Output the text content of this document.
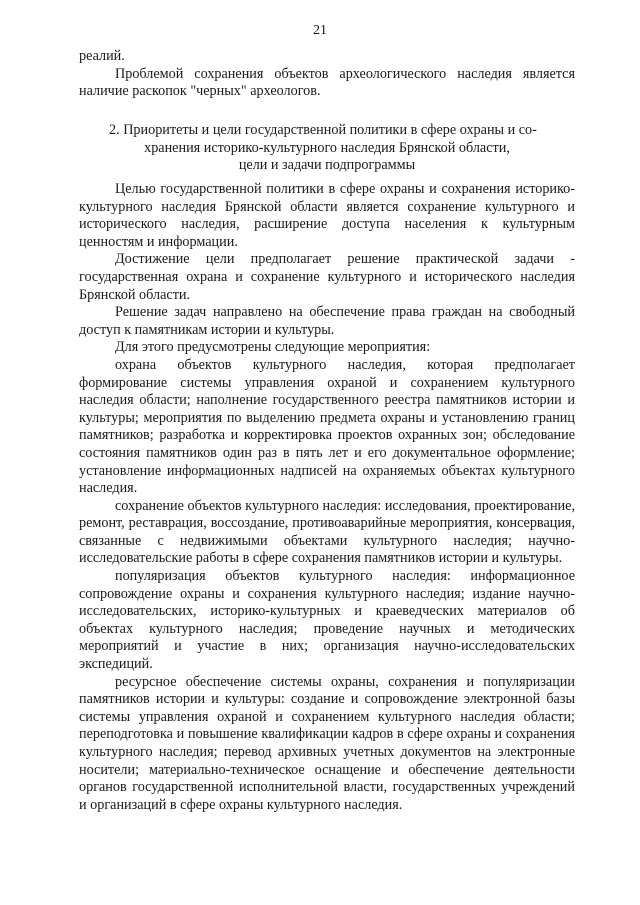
21

реалий.

Проблемой сохранения объектов археологического наследия является наличие раскопок "черных" археологов.

2. Приоритеты и цели государственной политики в сфере охраны и со-
хранения историко-культурного наследия Брянской области,
цели и задачи подпрограммы

Целью государственной политики в сфере охраны и сохранения историко-культурного наследия Брянской области является сохранение культурного и исторического наследия, расширение доступа населения к культурным ценностям и информации.

Достижение цели предполагает решение практической задачи - государственная охрана и сохранение культурного и исторического наследия Брянской области.

Решение задач направлено на обеспечение права граждан на свободный доступ к памятникам истории и культуры.

Для этого предусмотрены следующие мероприятия:

охрана объектов культурного наследия, которая предполагает формирование системы управления охраной и сохранением культурного наследия области; наполнение государственного реестра памятников истории и культуры; мероприятия по выделению предмета охраны и установлению границ памятников; разработка и корректировка проектов охранных зон; обследование состояния памятников один раз в пять лет и его документальное оформление; установление информационных надписей на охраняемых объектах культурного наследия.

сохранение объектов культурного наследия: исследования, проектирование, ремонт, реставрация, воссоздание, противоаварийные мероприятия, консервация, связанные с недвижимыми объектами культурного наследия; научно-исследовательские работы в сфере сохранения памятников истории и культуры.

популяризация объектов культурного наследия: информационное сопровождение охраны и сохранения культурного наследия; издание научно-исследовательских, историко-культурных и краеведческих материалов об объектах культурного наследия; проведение научных и методических мероприятий и участие в них; организация научно-исследовательских экспедиций.

ресурсное обеспечение системы охраны, сохранения и популяризации памятников истории и культуры: создание и сопровождение электронной базы системы управления охраной и сохранением культурного наследия области; переподготовка и повышение квалификации кадров в сфере охраны и сохранения культурного наследия; перевод архивных учетных документов на электронные носители; материально-техническое оснащение и обеспечение деятельности органов государственной исполнительной власти, государственных учреждений и организаций в сфере охраны культурного наследия.
